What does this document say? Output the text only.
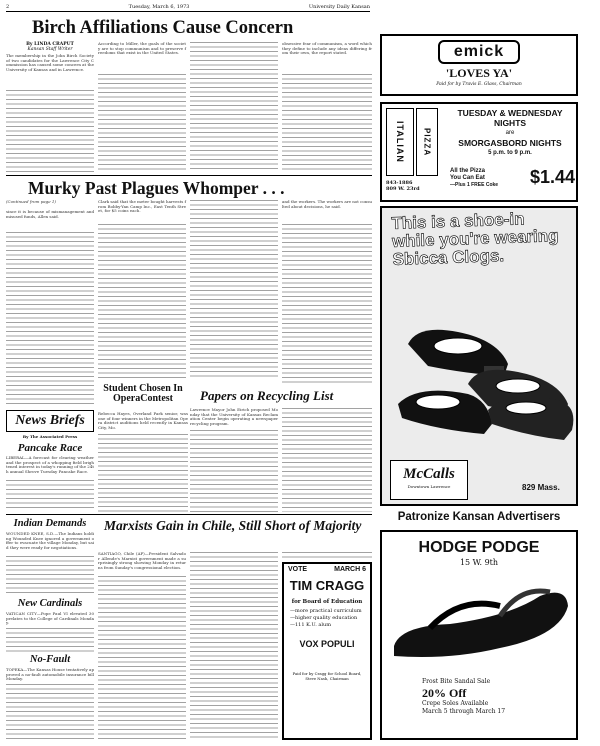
2	Tuesday, March 6, 1973	University Daily Kansan
Birch Affiliations Cause Concern
By LINDA CRAPUT
Kansan Staff Writer
The membership in the John Birch Society of two candidates for the Lawrence City Commission has caused some concern at the University of Kansas and in Lawrence.
According to Miller, the goals of the society are to stop communism and to preserve freedoms that exist in the United States.
obsessive fear of communism, a word which they define to include any ideas differing from their own, the report stated.
Murky Past Plagues Whomper . . .
(Continued from page 1)
since it is because of mismanagement and misused funds, Allen said.
Clark said that the meter bought harvests from Bobby-Yan Camp Inc., East Tenth Street, for $5 coins each.
and the workers. The workers are not consulted about decisions, he said.
Student Chosen In OperaContest
Rebecca Hayes, Overland Park senior, was one of four winners in the Metropolitan Opera district auditions held recently in Kansas City, Mo.
News Briefs
By The Associated Press
Pancake Race
LIBERAL—A forecast for clearing weather and the prospect of a whopping field brightened interest in today's running of the 24th annual Shrove Tuesday Pancake Race.
Papers on Recycling List
Lawrence Mayor John Eirich proposed Monday that the University of Kansas Reclamation Center begin operating a newspaper recycling program.
Indian Demands
WOUNDED KNEE, S.D.—The Indians holding Wounded Knee ignored a government offer to evacuate the village Monday, but said they were ready for negotiations.
New Cardinals
VATICAN CITY—Pope Paul VI elevated 30 prelates to the College of Cardinals Monday.
No-Fault
TOPEKA—The Kansas House tentatively approved a no-fault automobile insurance bill Monday.
Marxists Gain in Chile, Still Short of Majority
SANTIAGO, Chile (AP)—President Salvador Allende's Marxist government made a surprisingly strong showing Monday in returns from Sunday's congressional election.	VOTE	MARCH 6
TIM CRAGG
for Board of Education
—more practical curriculum
—higher quality education
—111 K.U. alum
VOX POPULI
Paid for by Cragg for School Board, Steve Nash, Chairman
emick
'LOVES YA'
Paid for by Travis E. Glass, Chairman
ITALIAN PIZZA
843-1886
809 W. 23rd
TUESDAY & WEDNESDAY
NIGHTS
are
SMORGASBORD NIGHTS
5 p.m. to 9 p.m.
All the Pizza
You Can Eat
—Plus 1 FREE Coke	$1.44
This is a shoe-in while you're wearing Sbicca Clogs.
McCalls
Downtown Lawrence	829 Mass.
Patronize Kansan Advertisers
HODGE PODGE
15 W. 9th
Frost Bite Sandal Sale
20% Off
Crepe Soles Available
March 5 through March 17
